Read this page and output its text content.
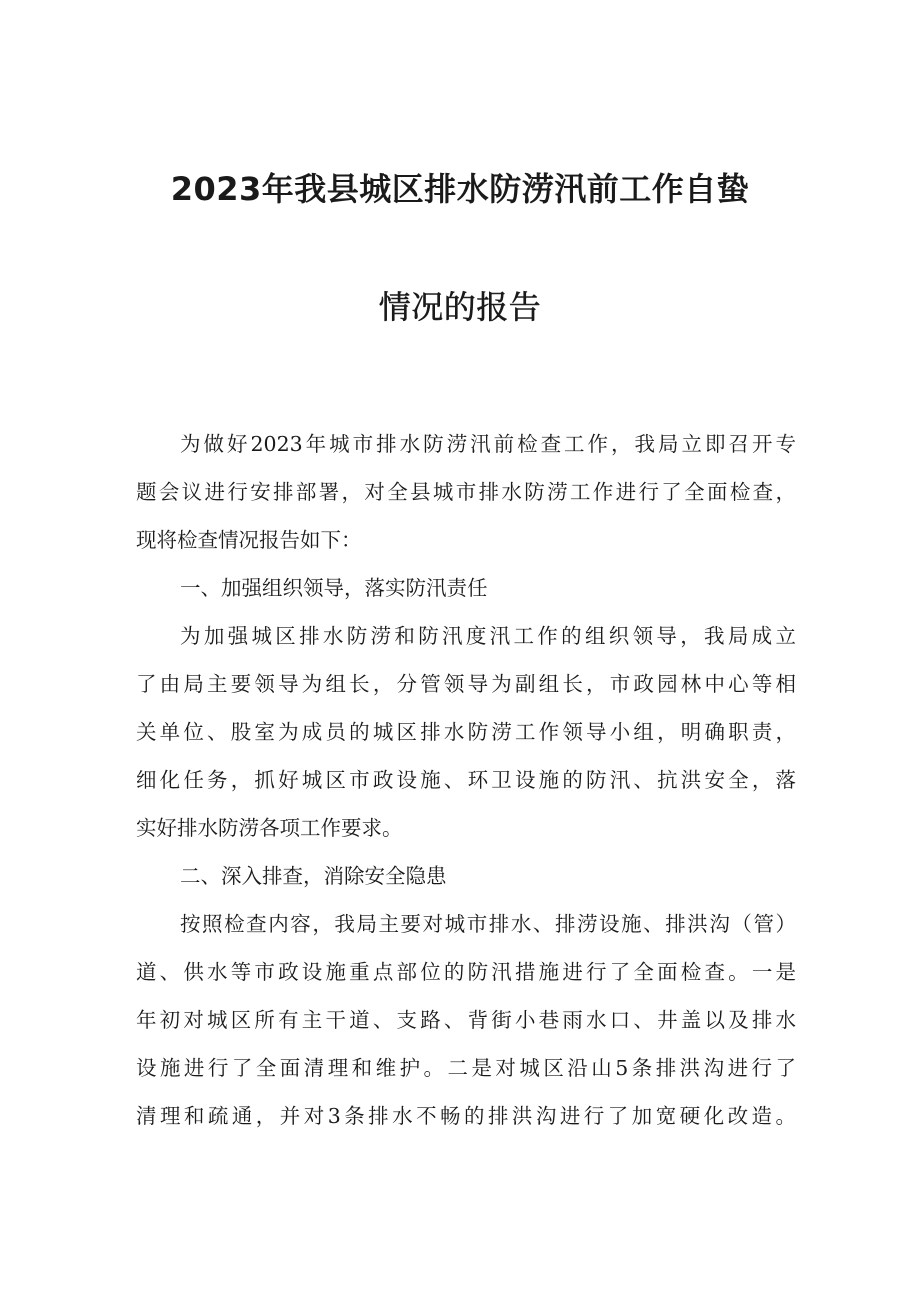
2023年我县城区排水防涝汛前工作自蛰
情况的报告
为做好2023年城市排水防涝汛前检查工作，我局立即召开专
题会议进行安排部署，对全县城市排水防涝工作进行了全面检查，
现将检查情况报告如下：
一、加强组织领导，落实防汛责任
为加强城区排水防涝和防汛度汛工作的组织领导，我局成立
了由局主要领导为组长，分管领导为副组长，市政园林中心等相
关单位、股室为成员的城区排水防涝工作领导小组，明确职责，
细化任务，抓好城区市政设施、环卫设施的防汛、抗洪安全，落
实好排水防涝各项工作要求。
二、深入排查，消除安全隐患
按照检查内容，我局主要对城市排水、排涝设施、排洪沟（管）
道、供水等市政设施重点部位的防汛措施进行了全面检查。一是
年初对城区所有主干道、支路、背街小巷雨水口、井盖以及排水
设施进行了全面清理和维护。二是对城区沿山5条排洪沟进行了
清理和疏通，并对3条排水不畅的排洪沟进行了加宽硬化改造。
